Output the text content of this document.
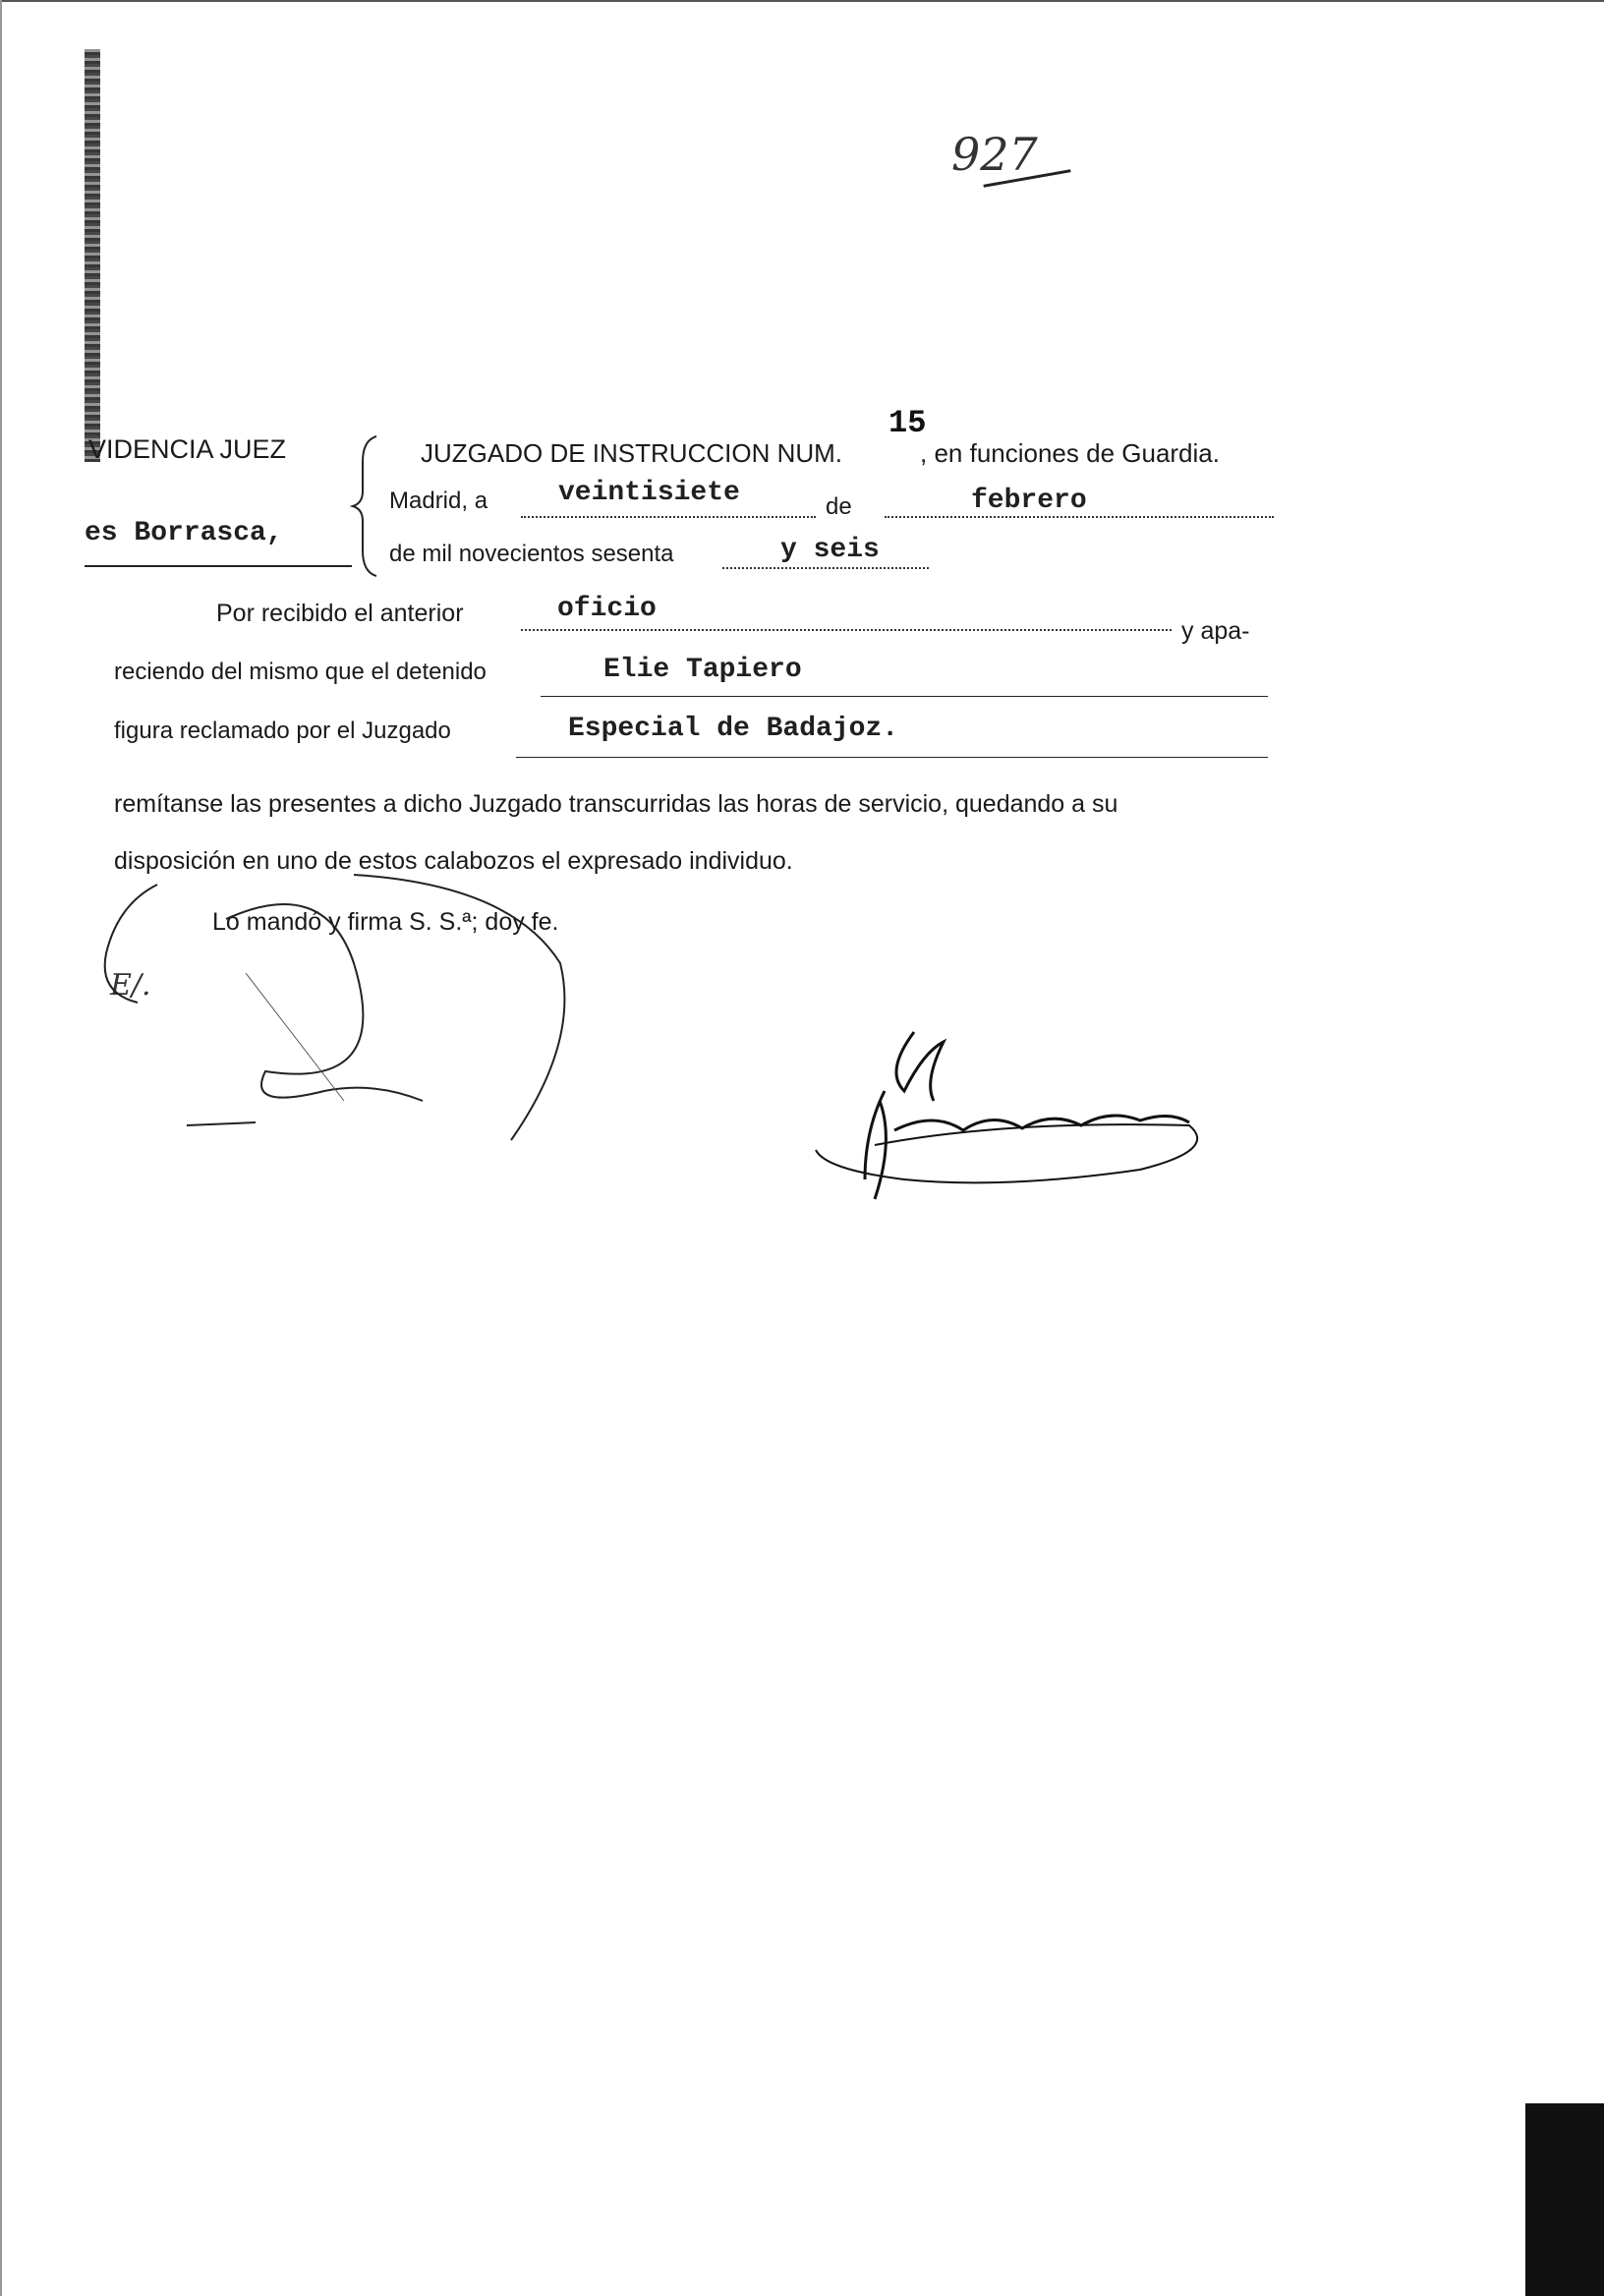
927
VIDENCIA JUEZ
es Borrasca,
E/.
JUZGADO DE INSTRUCCION NUM.
15
, en funciones de Guardia.
Madrid, a	veintisiete	de	febrero
de mil novecientos sesenta	y seis
Por recibido el anterior	oficio
y apa-
reciendo del mismo que el detenido	Elie Tapiero
figura reclamado por el Juzgado	Especial de Badajoz.
remítanse las presentes a dicho Juzgado transcurridas las horas de servicio, quedando a su
disposición en uno de estos calabozos el expresado individuo.
Lo mandó y firma S. S.ª; doy fe.
